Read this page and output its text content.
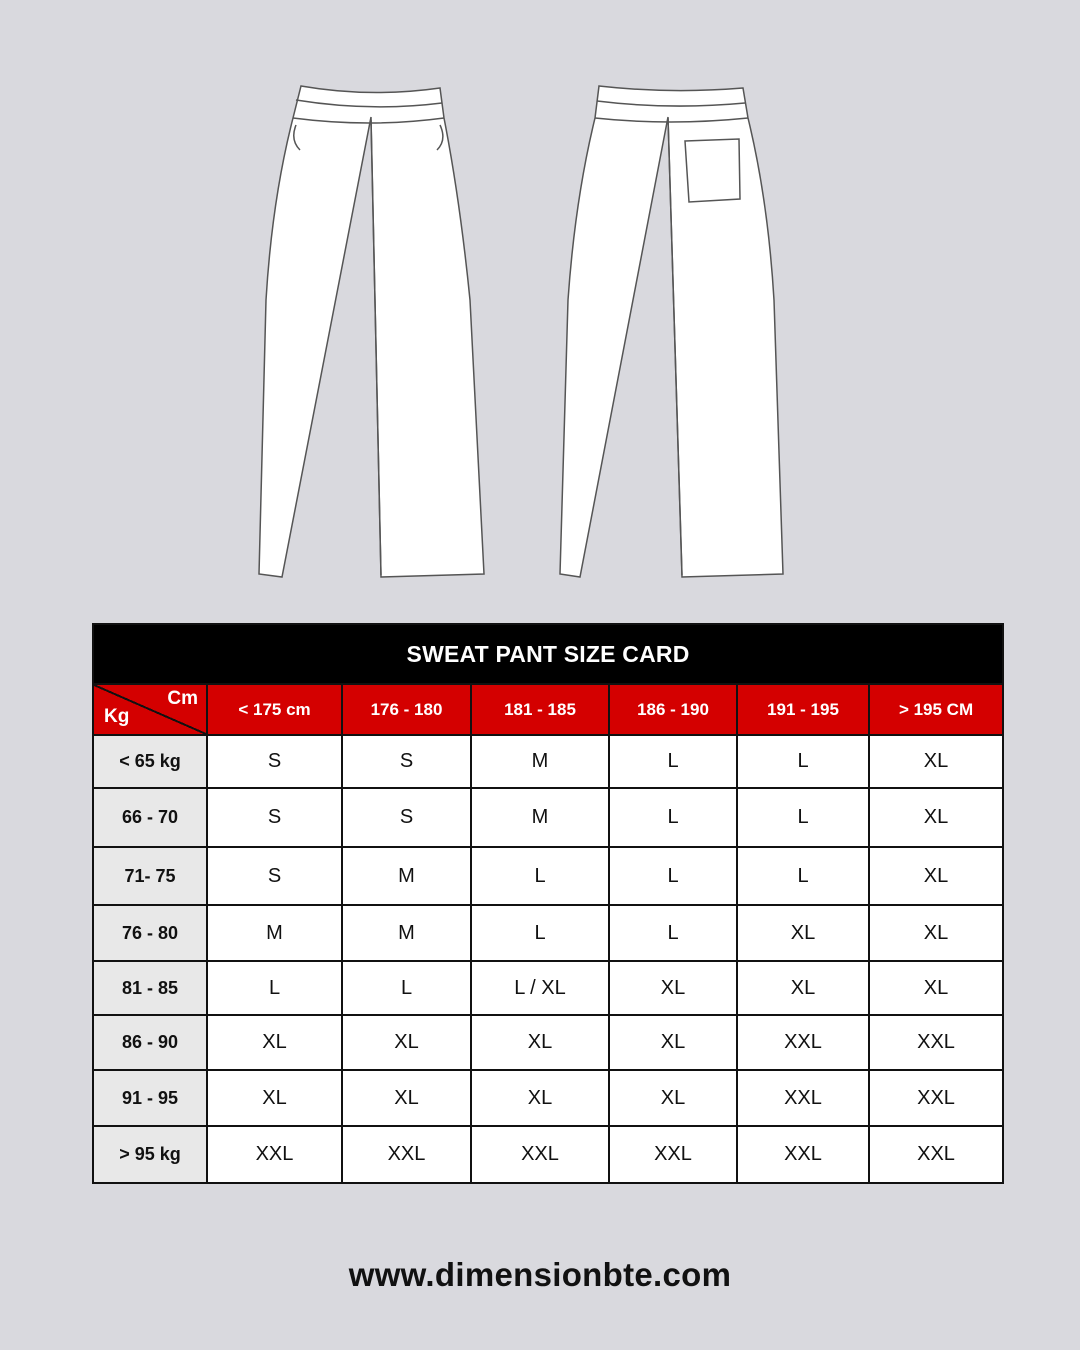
SWEAT PANT SIZE CARD						

Cm
Kg	< 175 cm	176 - 180	181 - 185	186 - 190	191 - 195	> 195 CM
< 65 kg	S	S	M	L	L	XL
66 - 70	S	S	M	L	L	XL
71- 75	S	M	L	L	L	XL
76 - 80	M	M	L	L	XL	XL
81 - 85	L	L	L / XL	XL	XL	XL
86 - 90	XL	XL	XL	XL	XXL	XXL
91 - 95	XL	XL	XL	XL	XXL	XXL
> 95 kg	XXL	XXL	XXL	XXL	XXL	XXL
www.dimensionbte.com
